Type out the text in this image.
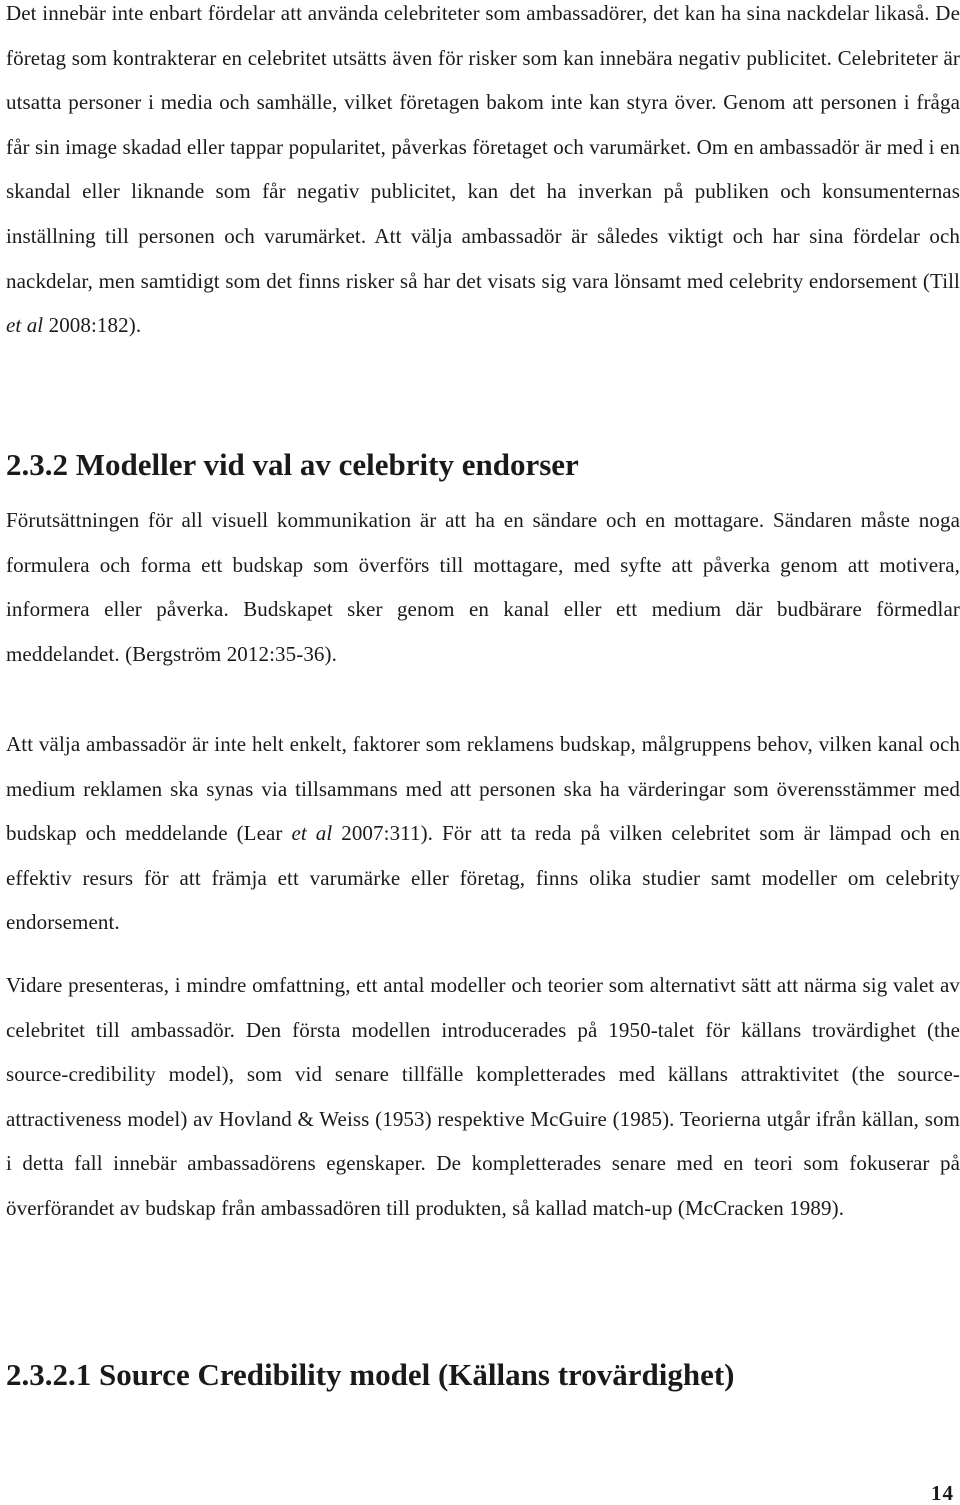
Det innebär inte enbart fördelar att använda celebriteter som ambassadörer, det kan ha sina nackdelar likaså. De företag som kontrakterar en celebritet utsätts även för risker som kan innebära negativ publicitet. Celebriteter är utsatta personer i media och samhälle, vilket företagen bakom inte kan styra över. Genom att personen i fråga får sin image skadad eller tappar popularitet, påverkas företaget och varumärket. Om en ambassadör är med i en skandal eller liknande som får negativ publicitet, kan det ha inverkan på publiken och konsumenternas inställning till personen och varumärket. Att välja ambassadör är således viktigt och har sina fördelar och nackdelar, men samtidigt som det finns risker så har det visats sig vara lönsamt med celebrity endorsement (Till et al 2008:182).

2.3.2 Modeller vid val av celebrity endorser

Förutsättningen för all visuell kommunikation är att ha en sändare och en mottagare. Sändaren måste noga formulera och forma ett budskap som överförs till mottagare, med syfte att påverka genom att motivera, informera eller påverka. Budskapet sker genom en kanal eller ett medium där budbärare förmedlar meddelandet. (Bergström 2012:35-36).

Att välja ambassadör är inte helt enkelt, faktorer som reklamens budskap, målgruppens behov, vilken kanal och medium reklamen ska synas via tillsammans med att personen ska ha värderingar som överensstämmer med budskap och meddelande (Lear et al 2007:311). För att ta reda på vilken celebritet som är lämpad och en effektiv resurs för att främja ett varumärke eller företag, finns olika studier samt modeller om celebrity endorsement.

Vidare presenteras, i mindre omfattning, ett antal modeller och teorier som alternativt sätt att närma sig valet av celebritet till ambassadör. Den första modellen introducerades på 1950-talet för källans trovärdighet (the source-credibility model), som vid senare tillfälle kompletterades med källans attraktivitet (the source-attractiveness model) av Hovland & Weiss (1953) respektive McGuire (1985). Teorierna utgår ifrån källan, som i detta fall innebär ambassadörens egenskaper. De kompletterades senare med en teori som fokuserar på överförandet av budskap från ambassadören till produkten, så kallad match-up (McCracken 1989).

2.3.2.1 Source Credibility model (Källans trovärdighet)
14
